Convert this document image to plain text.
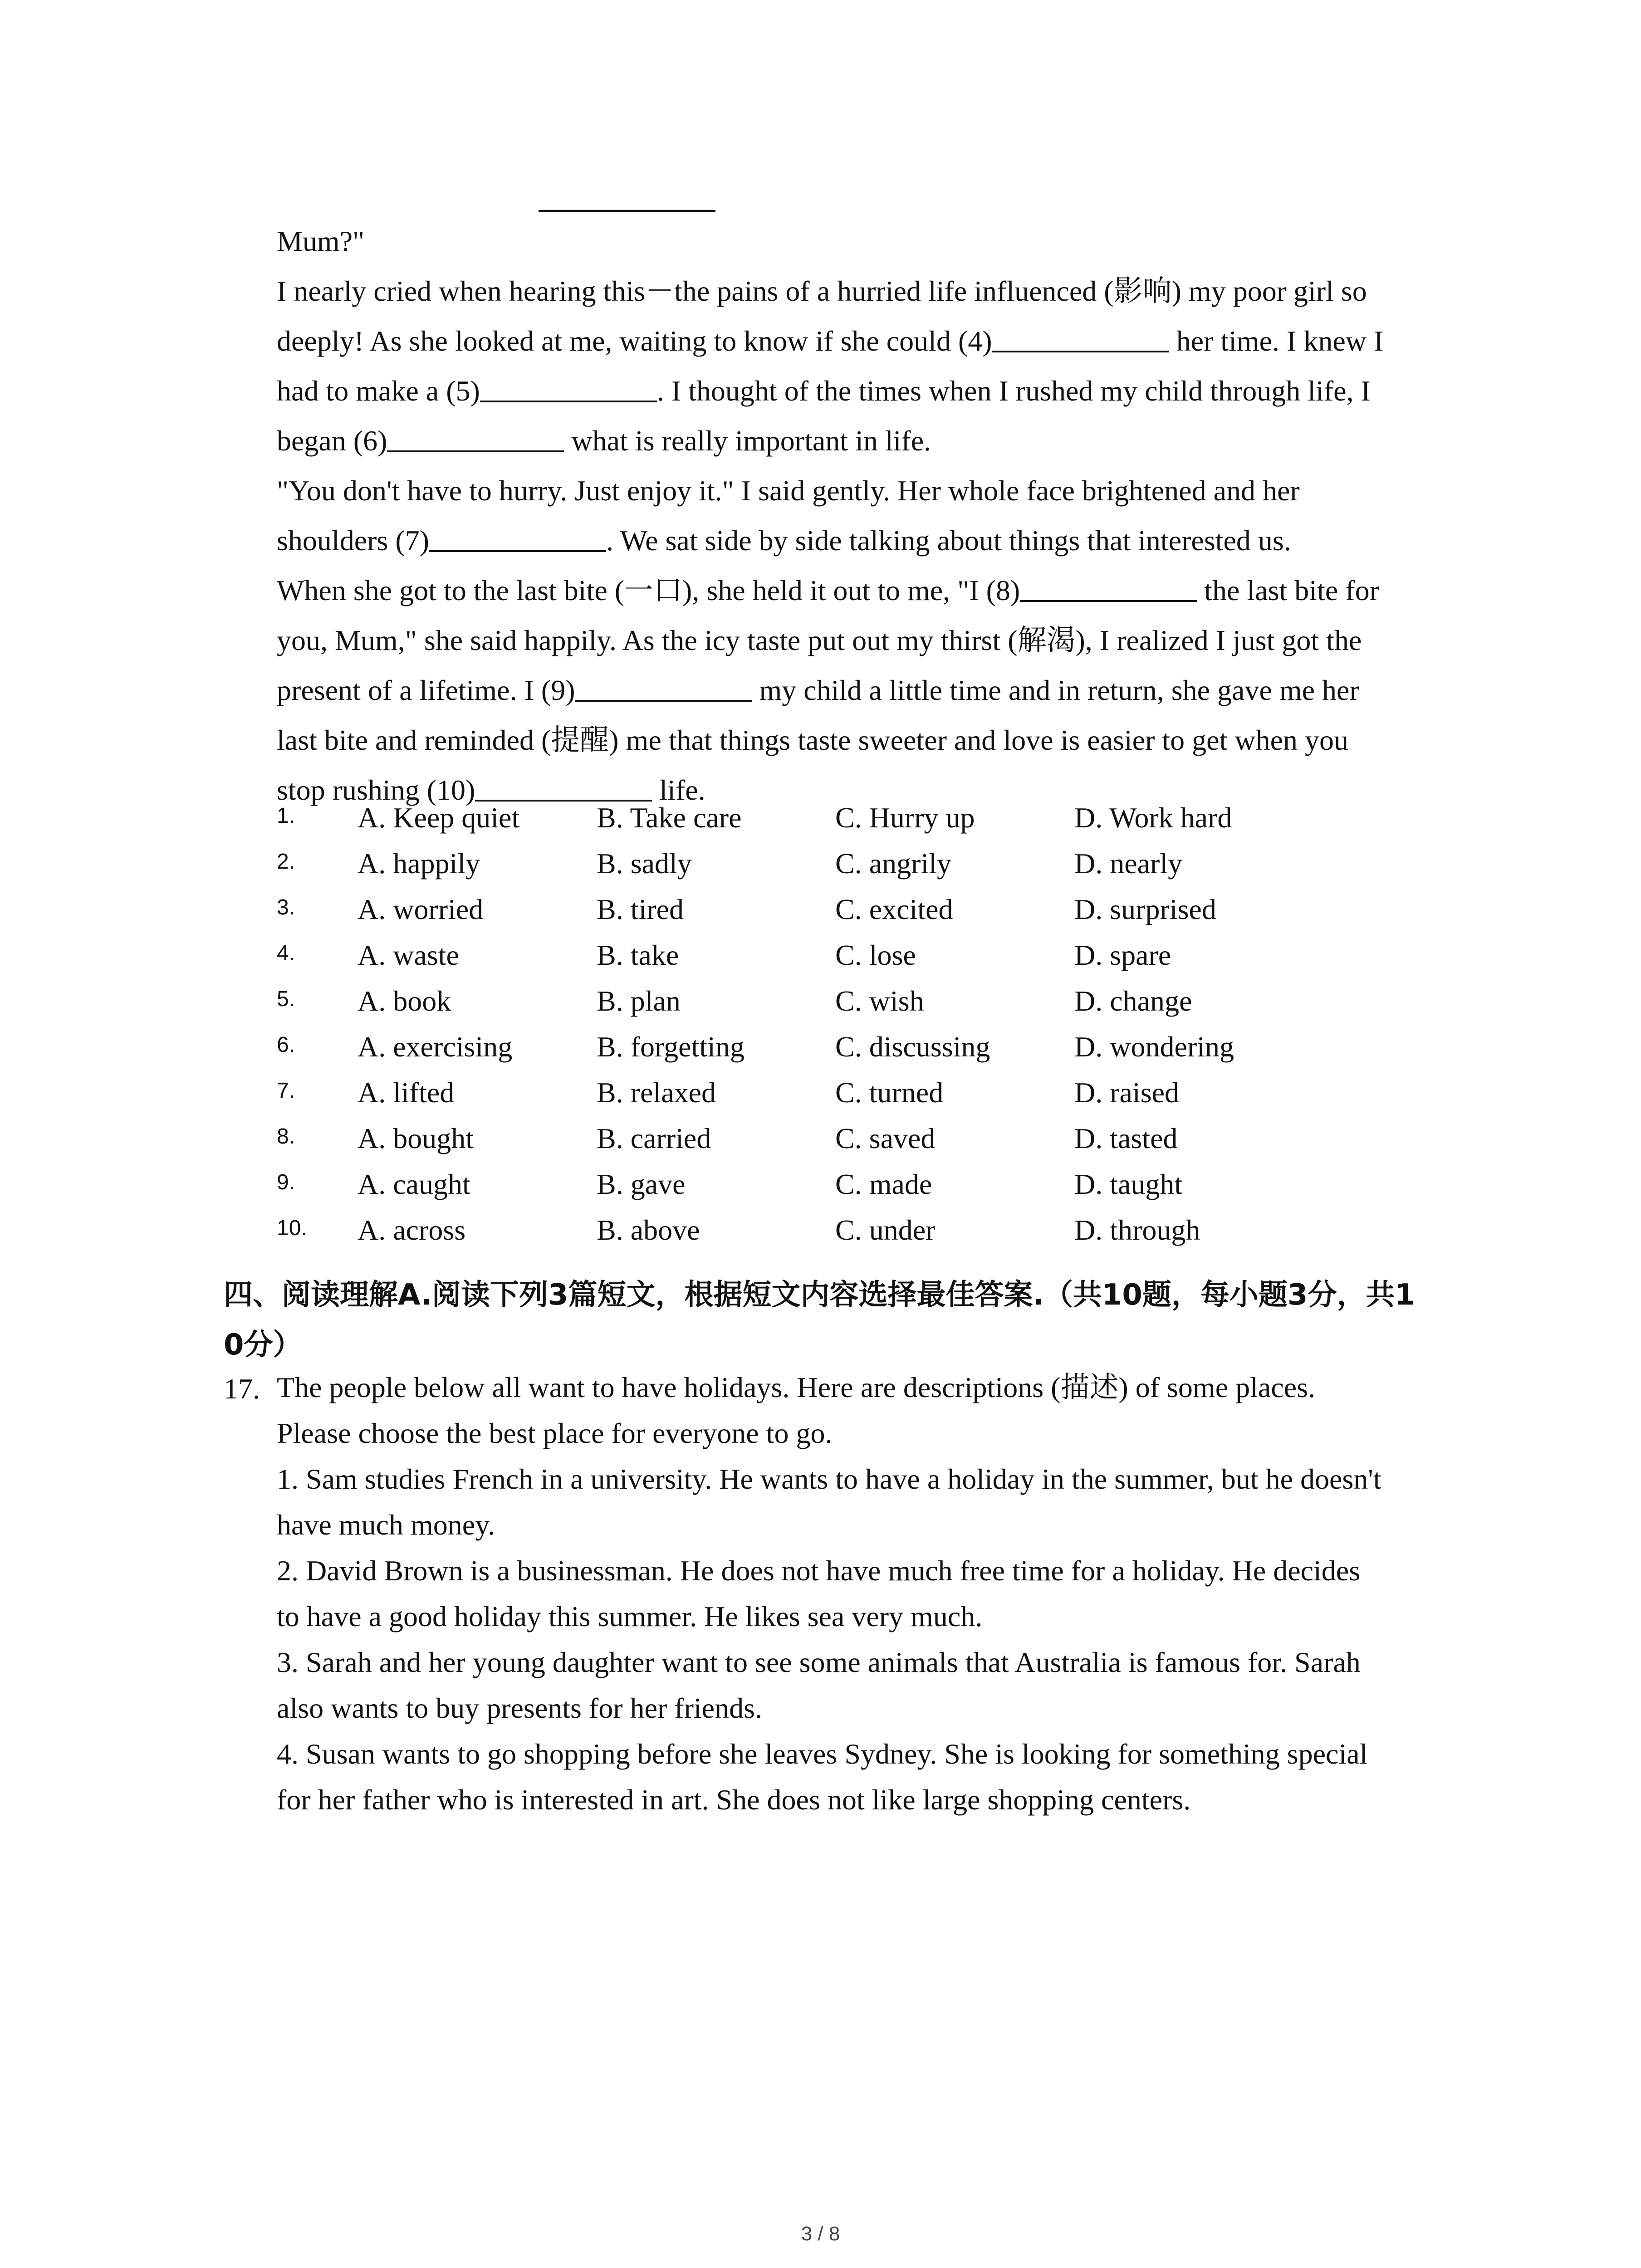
Mum?"
I nearly cried when hearing this－the pains of a hurried life influenced (影响) my poor girl so
deeply! As she looked at me, waiting to know if she could (4)	her time. I knew I
had to make a (5)	. I thought of the times when I rushed my child through life, I
began (6)	what is really important in life.
"You don't have to hurry. Just enjoy it." I said gently. Her whole face brightened and her
shoulders (7)	. We sat side by side talking about things that interested us.
When she got to the last bite (一口), she held it out to me, "I (8)	the last bite for
you, Mum," she said happily. As the icy taste put out my thirst (解渴), I realized I just got the
present of a lifetime. I (9)	my child a little time and in return, she gave me her
last bite and reminded (提醒) me that things taste sweeter and love is easier to get when you
stop rushing (10)	life.
1. A. Keep quiet	B. Take care	C. Hurry up	D. Work hard
2. A. happily	B. sadly	C. angrily	D. nearly
3. A. worried	B. tired	C. excited	D. surprised
4. A. waste	B. take	C. lose	D. spare
5. A. book	B. plan	C. wish	D. change
6. A. exercising	B. forgetting	C. discussing	D. wondering
7. A. lifted	B. relaxed	C. turned	D. raised
8. A. bought	B. carried	C. saved	D. tasted
9. A. caught	B. gave	C. made	D. taught
10. A. across	B. above	C. under	D. through
四、阅读理解A.阅读下列3篇短文，根据短文内容选择最佳答案.（共10题，每小题3分，共1
0分）
17. The people below all want to have holidays. Here are descriptions (描述) of some places.
Please choose the best place for everyone to go.
1. Sam studies French in a university. He wants to have a holiday in the summer, but he doesn't
have much money.
2. David Brown is a businessman. He does not have much free time for a holiday. He decides
to have a good holiday this summer. He likes sea very much.
3. Sarah and her young daughter want to see some animals that Australia is famous for. Sarah
also wants to buy presents for her friends.
4. Susan wants to go shopping before she leaves Sydney. She is looking for something special
for her father who is interested in art. She does not like large shopping centers.
3 / 8
